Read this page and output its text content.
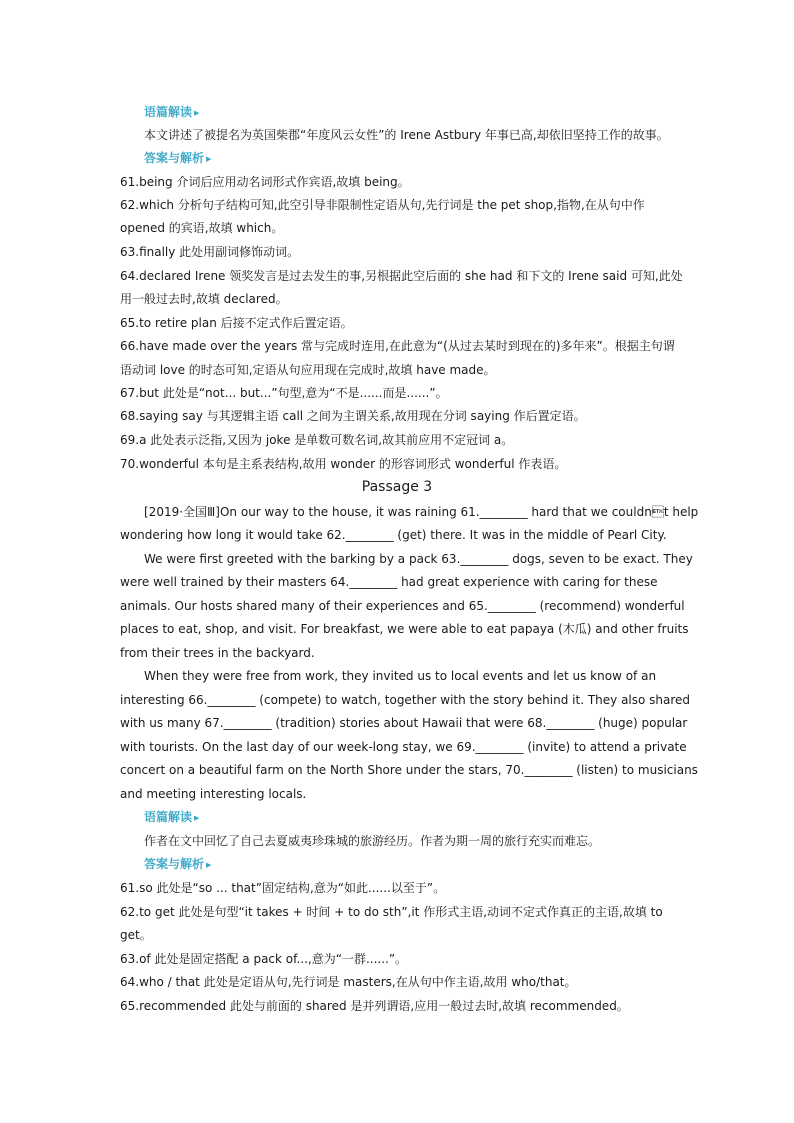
语篇解读 ▶
本文讲述了被提名为英国柴郡“年度风云女性”的 Irene Astbury 年事已高,却依旧坚持工作的故事。
答案与解析 ▶
61.being 介词后应用动名词形式作宾语,故填 being。
62.which 分析句子结构可知,此空引导非限制性定语从句,先行词是 the pet shop,指物,在从句中作
opened 的宾语,故填 which。
63.finally 此处用副词修饰动词。
64.declared Irene 领奖发言是过去发生的事,另根据此空后面的 she had 和下文的 Irene said 可知,此处
用一般过去时,故填 declared。
65.to retire plan 后接不定式作后置定语。
66.have made over the years 常与完成时连用,在此意为“(从过去某时到现在的)多年来”。根据主句谓
语动词 love 的时态可知,定语从句应用现在完成时,故填 have made。
67.but 此处是“not... but...”句型,意为“不是......而是......”。
68.saying say 与其逻辑主语 call 之间为主谓关系,故用现在分词 saying 作后置定语。
69.a 此处表示泛指,又因为 joke 是单数可数名词,故其前应用不定冠词 a。
70.wonderful 本句是主系表结构,故用 wonder 的形容词形式 wonderful 作表语。
Passage 3
[2019·全国Ⅲ]On our way to the house, it was raining 61.________ hard that we couldnt help
wondering how long it would take 62.________ (get) there. It was in the middle of Pearl City.
We were first greeted with the barking by a pack 63.________ dogs, seven to be exact. They
were well trained by their masters 64.________ had great experience with caring for these
animals. Our hosts shared many of their experiences and 65.________ (recommend) wonderful
places to eat, shop, and visit. For breakfast, we were able to eat papaya (木瓜) and other fruits
from their trees in the backyard.
When they were free from work, they invited us to local events and let us know of an
interesting 66.________ (compete) to watch, together with the story behind it. They also shared
with us many 67.________ (tradition) stories about Hawaii that were 68.________ (huge) popular
with tourists. On the last day of our week-long stay, we 69.________ (invite) to attend a private
concert on a beautiful farm on the North Shore under the stars, 70.________ (listen) to musicians
and meeting interesting locals.
语篇解读 ▶
作者在文中回忆了自己去夏威夷珍珠城的旅游经历。作者为期一周的旅行充实而难忘。
答案与解析 ▶
61.so 此处是“so ... that”固定结构,意为“如此......以至于”。
62.to get 此处是句型“it takes + 时间 + to do sth”,it 作形式主语,动词不定式作真正的主语,故填 to
get。
63.of 此处是固定搭配 a pack of...,意为“一群......”。
64.who / that 此处是定语从句,先行词是 masters,在从句中作主语,故用 who/that。
65.recommended 此处与前面的 shared 是并列谓语,应用一般过去时,故填 recommended。
